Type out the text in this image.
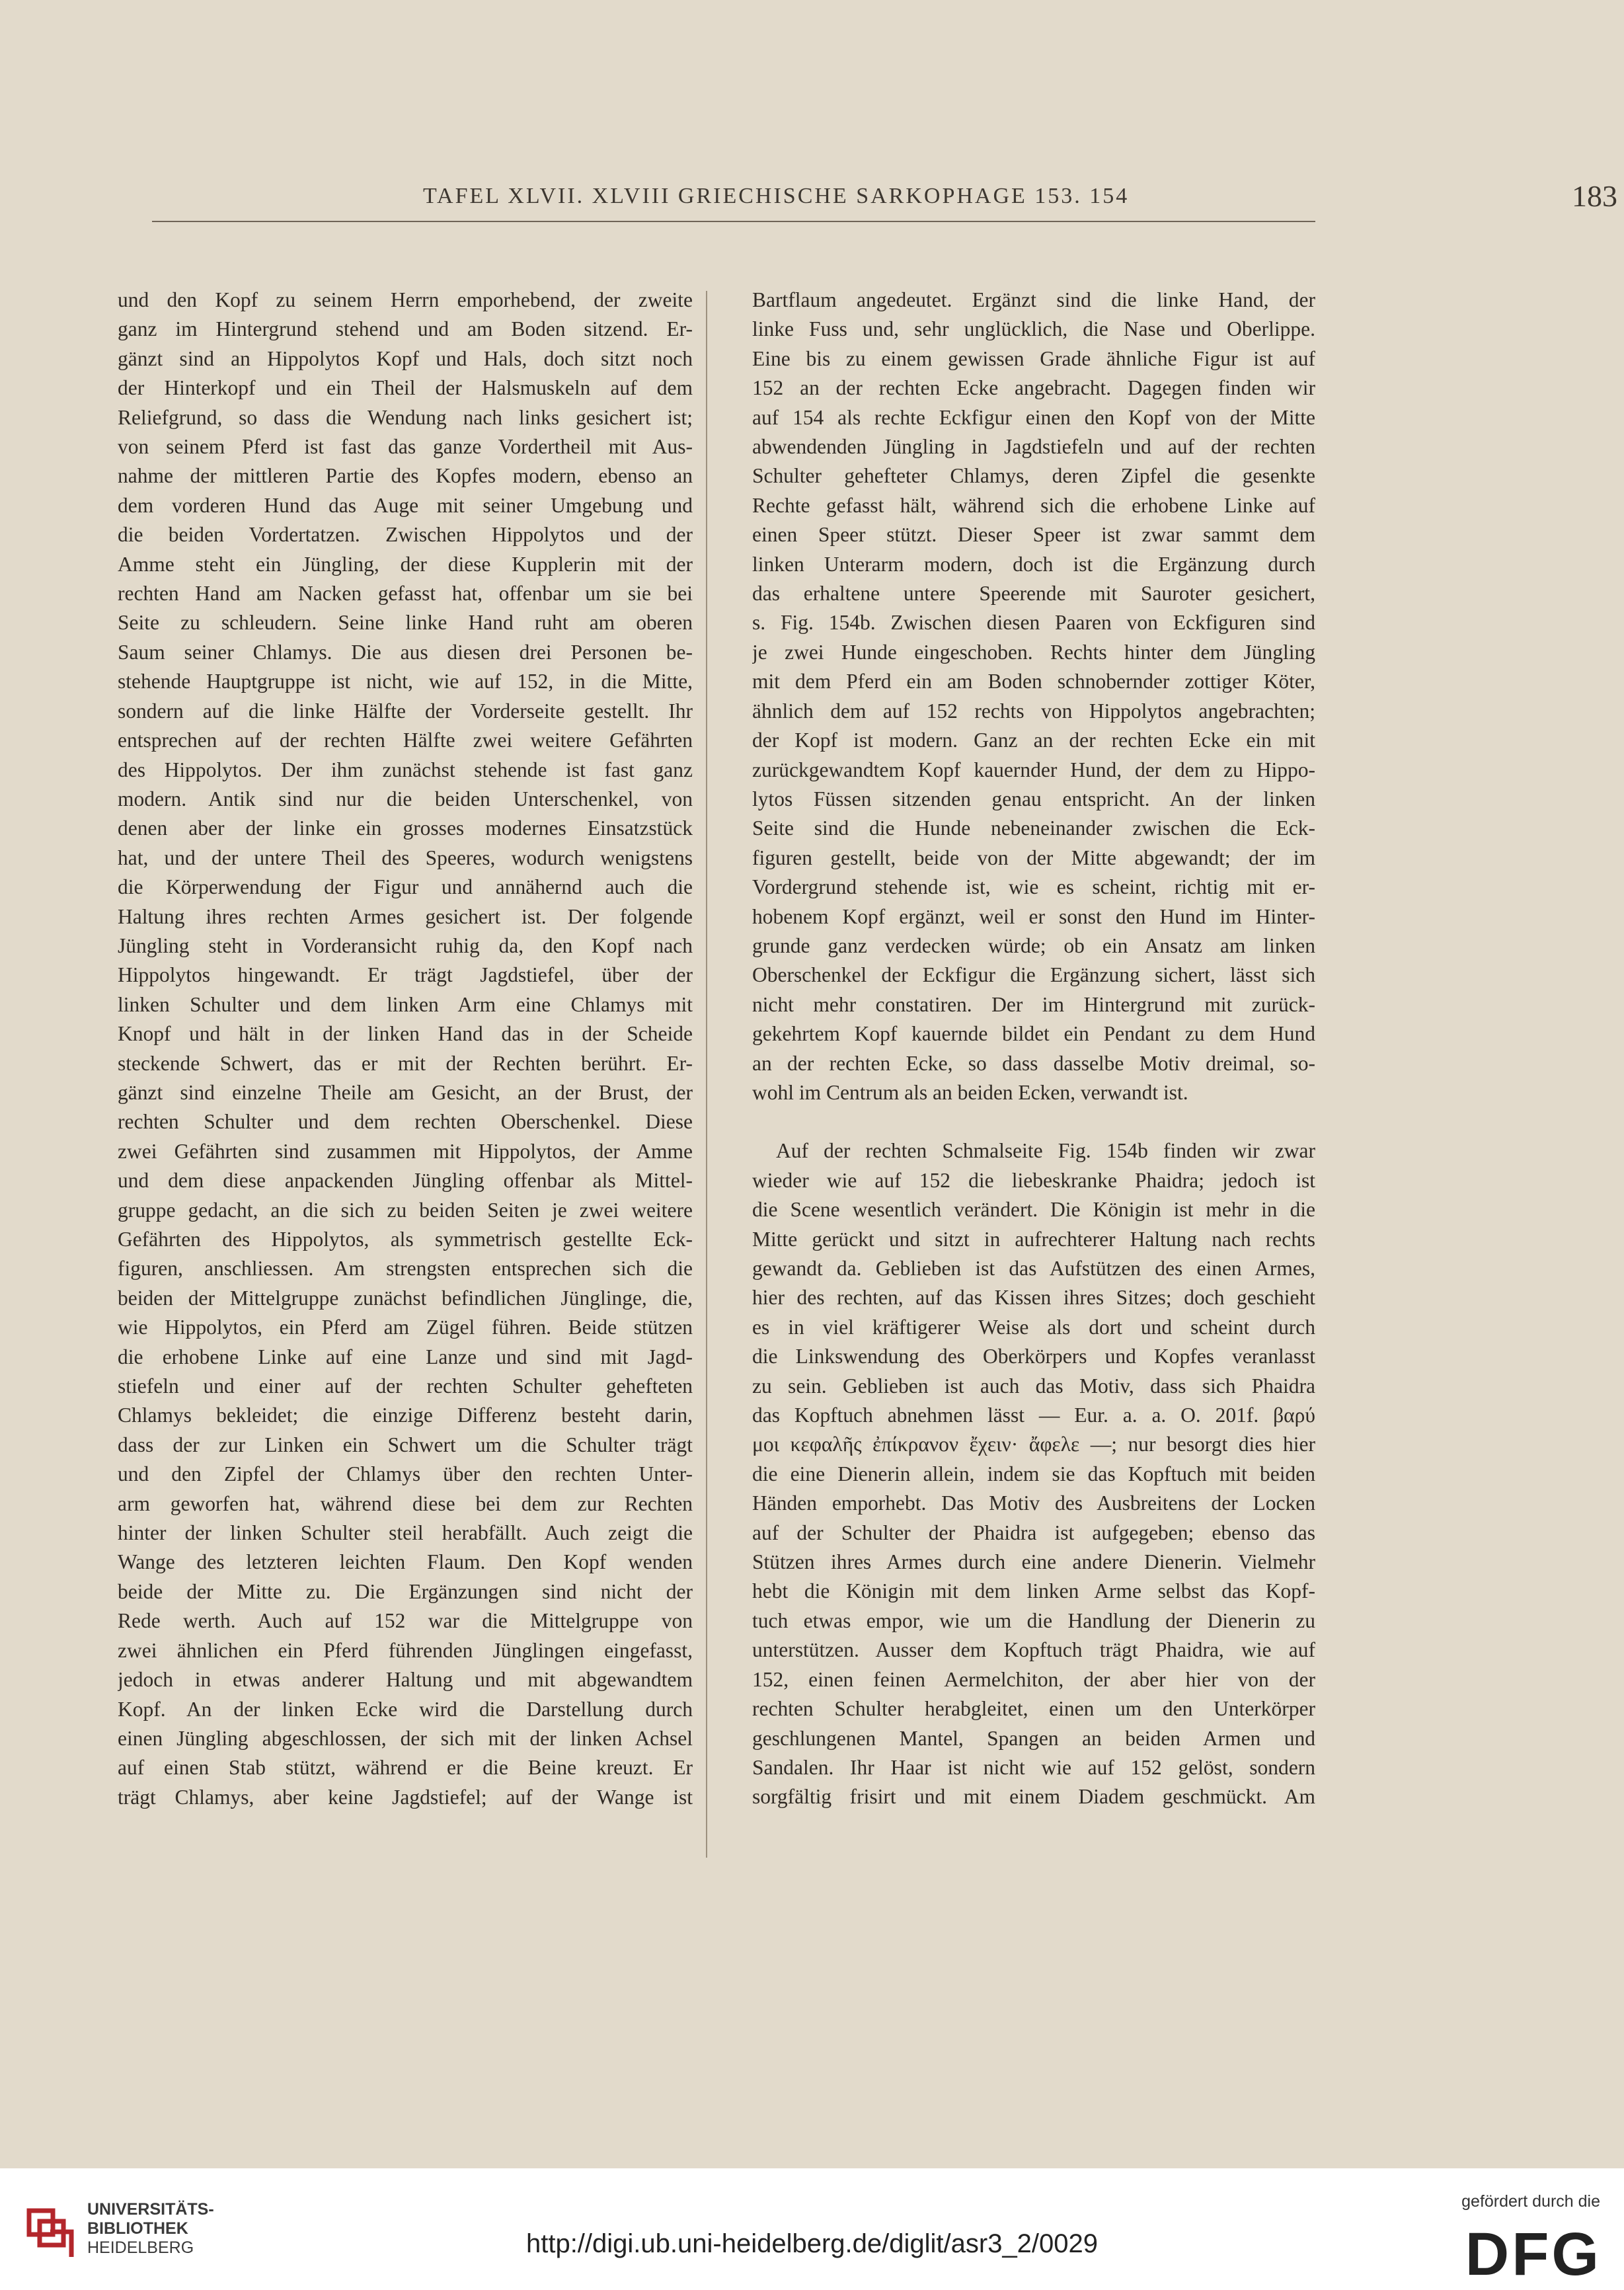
TAFEL XLVII. XLVIII GRIECHISCHE SARKOPHAGE 153. 154	183
und den Kopf zu seinem Herrn emporhebend, der zweite
ganz im Hintergrund stehend und am Boden sitzend. Er-
gänzt sind an Hippolytos Kopf und Hals, doch sitzt noch
der Hinterkopf und ein Theil der Halsmuskeln auf dem
Reliefgrund, so dass die Wendung nach links gesichert ist;
von seinem Pferd ist fast das ganze Vordertheil mit Aus-
nahme der mittleren Partie des Kopfes modern, ebenso an
dem vorderen Hund das Auge mit seiner Umgebung und
die beiden Vordertatzen. Zwischen Hippolytos und der
Amme steht ein Jüngling, der diese Kupplerin mit der
rechten Hand am Nacken gefasst hat, offenbar um sie bei
Seite zu schleudern. Seine linke Hand ruht am oberen
Saum seiner Chlamys. Die aus diesen drei Personen be-
stehende Hauptgruppe ist nicht, wie auf 152, in die Mitte,
sondern auf die linke Hälfte der Vorderseite gestellt. Ihr
entsprechen auf der rechten Hälfte zwei weitere Gefährten
des Hippolytos. Der ihm zunächst stehende ist fast ganz
modern. Antik sind nur die beiden Unterschenkel, von
denen aber der linke ein grosses modernes Einsatzstück
hat, und der untere Theil des Speeres, wodurch wenigstens
die Körperwendung der Figur und annähernd auch die
Haltung ihres rechten Armes gesichert ist. Der folgende
Jüngling steht in Vorderansicht ruhig da, den Kopf nach
Hippolytos hingewandt. Er trägt Jagdstiefel, über der
linken Schulter und dem linken Arm eine Chlamys mit
Knopf und hält in der linken Hand das in der Scheide
steckende Schwert, das er mit der Rechten berührt. Er-
gänzt sind einzelne Theile am Gesicht, an der Brust, der
rechten Schulter und dem rechten Oberschenkel. Diese
zwei Gefährten sind zusammen mit Hippolytos, der Amme
und dem diese anpackenden Jüngling offenbar als Mittel-
gruppe gedacht, an die sich zu beiden Seiten je zwei weitere
Gefährten des Hippolytos, als symmetrisch gestellte Eck-
figuren, anschliessen. Am strengsten entsprechen sich die
beiden der Mittelgruppe zunächst befindlichen Jünglinge, die,
wie Hippolytos, ein Pferd am Zügel führen. Beide stützen
die erhobene Linke auf eine Lanze und sind mit Jagd-
stiefeln und einer auf der rechten Schulter gehefteten
Chlamys bekleidet; die einzige Differenz besteht darin,
dass der zur Linken ein Schwert um die Schulter trägt
und den Zipfel der Chlamys über den rechten Unter-
arm geworfen hat, während diese bei dem zur Rechten
hinter der linken Schulter steil herabfällt. Auch zeigt die
Wange des letzteren leichten Flaum. Den Kopf wenden
beide der Mitte zu. Die Ergänzungen sind nicht der
Rede werth. Auch auf 152 war die Mittelgruppe von
zwei ähnlichen ein Pferd führenden Jünglingen eingefasst,
jedoch in etwas anderer Haltung und mit abgewandtem
Kopf. An der linken Ecke wird die Darstellung durch
einen Jüngling abgeschlossen, der sich mit der linken Achsel
auf einen Stab stützt, während er die Beine kreuzt. Er
trägt Chlamys, aber keine Jagdstiefel; auf der Wange ist
Bartflaum angedeutet. Ergänzt sind die linke Hand, der
linke Fuss und, sehr unglücklich, die Nase und Oberlippe.
Eine bis zu einem gewissen Grade ähnliche Figur ist auf
152 an der rechten Ecke angebracht. Dagegen finden wir
auf 154 als rechte Eckfigur einen den Kopf von der Mitte
abwendenden Jüngling in Jagdstiefeln und auf der rechten
Schulter gehefteter Chlamys, deren Zipfel die gesenkte
Rechte gefasst hält, während sich die erhobene Linke auf
einen Speer stützt. Dieser Speer ist zwar sammt dem
linken Unterarm modern, doch ist die Ergänzung durch
das erhaltene untere Speerende mit Sauroter gesichert,
s. Fig. 154b. Zwischen diesen Paaren von Eckfiguren sind
je zwei Hunde eingeschoben. Rechts hinter dem Jüngling
mit dem Pferd ein am Boden schnobernder zottiger Köter,
ähnlich dem auf 152 rechts von Hippolytos angebrachten;
der Kopf ist modern. Ganz an der rechten Ecke ein mit
zurückgewandtem Kopf kauernder Hund, der dem zu Hippo-
lytos Füssen sitzenden genau entspricht. An der linken
Seite sind die Hunde nebeneinander zwischen die Eck-
figuren gestellt, beide von der Mitte abgewandt; der im
Vordergrund stehende ist, wie es scheint, richtig mit er-
hobenem Kopf ergänzt, weil er sonst den Hund im Hinter-
grunde ganz verdecken würde; ob ein Ansatz am linken
Oberschenkel der Eckfigur die Ergänzung sichert, lässt sich
nicht mehr constatiren. Der im Hintergrund mit zurück-
gekehrtem Kopf kauernde bildet ein Pendant zu dem Hund
an der rechten Ecke, so dass dasselbe Motiv dreimal, so-
wohl im Centrum als an beiden Ecken, verwandt ist.
Auf der rechten Schmalseite Fig. 154b finden wir zwar
wieder wie auf 152 die liebeskranke Phaidra; jedoch ist
die Scene wesentlich verändert. Die Königin ist mehr in die
Mitte gerückt und sitzt in aufrechterer Haltung nach rechts
gewandt da. Geblieben ist das Aufstützen des einen Armes,
hier des rechten, auf das Kissen ihres Sitzes; doch geschieht
es in viel kräftigerer Weise als dort und scheint durch
die Linkswendung des Oberkörpers und Kopfes veranlasst
zu sein. Geblieben ist auch das Motiv, dass sich Phaidra
das Kopftuch abnehmen lässt — Eur. a. a. O. 201f. βαρύ
μοι κεφαλῆς ἐπίκρανον ἔχειν· ἄφελε —; nur besorgt dies hier
die eine Dienerin allein, indem sie das Kopftuch mit beiden
Händen emporhebt. Das Motiv des Ausbreitens der Locken
auf der Schulter der Phaidra ist aufgegeben; ebenso das
Stützen ihres Armes durch eine andere Dienerin. Vielmehr
hebt die Königin mit dem linken Arme selbst das Kopf-
tuch etwas empor, wie um die Handlung der Dienerin zu
unterstützen. Ausser dem Kopftuch trägt Phaidra, wie auf
152, einen feinen Aermelchiton, der aber hier von der
rechten Schulter herabgleitet, einen um den Unterkörper
geschlungenen Mantel, Spangen an beiden Armen und
Sandalen. Ihr Haar ist nicht wie auf 152 gelöst, sondern
sorgfältig frisirt und mit einem Diadem geschmückt. Am
UNIVERSITÄTS-
BIBLIOTHEK
HEIDELBERG	http://digi.ub.uni-heidelberg.de/diglit/asr3_2/0029
gefördert durch die
DFG
